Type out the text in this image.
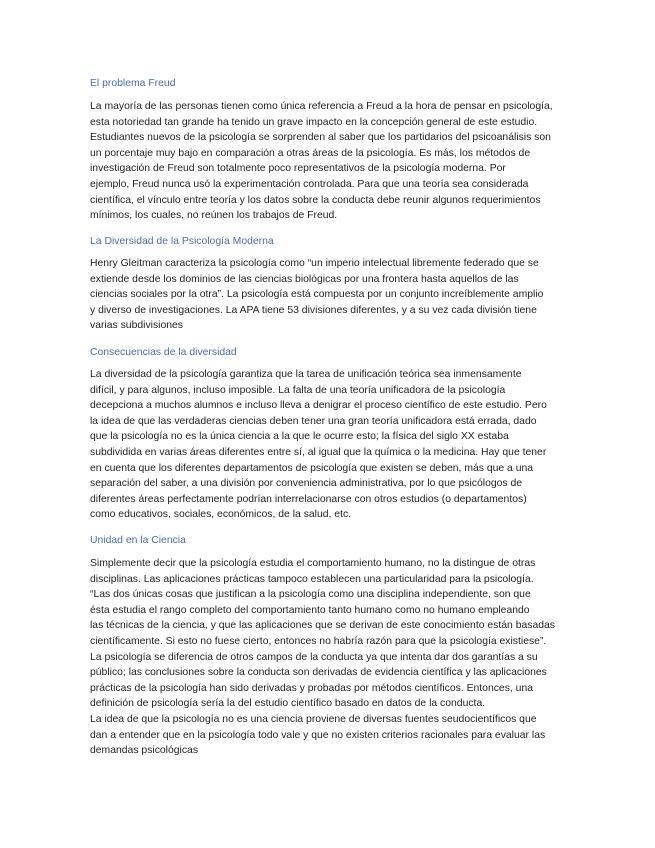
El problema Freud
La mayoría de las personas tienen como única referencia a Freud a la hora de pensar en psicología,
esta notoriedad tan grande ha tenido un grave impacto en la concepción general de este estudio.
Estudiantes nuevos de la psicología se sorprenden al saber que los partidarios del psicoanálisis son
un porcentaje muy bajo en comparación a otras áreas de la psicología. Es más, los métodos de
investigación de Freud son totalmente poco representativos de la psicología moderna. Por
ejemplo, Freud nunca usó la experimentación controlada. Para que una teoría sea considerada
científica, el vínculo entre teoría y los datos sobre la conducta debe reunir algunos requerimientos
mínimos, los cuales, no reúnen los trabajos de Freud.
La Diversidad de la Psicología Moderna
Henry Gleitman caracteriza la psicología como “un imperio intelectual libremente federado que se
extiende desde los dominios de las ciencias biológicas por una frontera hasta aquellos de las
ciencias sociales por la otra”. La psicología está compuesta por un conjunto increíblemente amplio
y diverso de investigaciones. La APA tiene 53 divisiones diferentes, y a su vez cada división tiene
varias subdivisiones
Consecuencias de la diversidad
La diversidad de la psicología garantiza que la tarea de unificación teórica sea inmensamente
difícil, y para algunos, incluso imposible. La falta de una teoría unificadora de la psicología
decepciona a muchos alumnos e incluso lleva a denigrar el proceso científico de este estudio. Pero
la idea de que las verdaderas ciencias deben tener una gran teoría unificadora está errada, dado
que la psicología no es la única ciencia a la que le ocurre esto; la física del siglo XX estaba
subdividida en varias áreas diferentes entre sí, al igual que la química o la medicina. Hay que tener
en cuenta que los diferentes departamentos de psicología que existen se deben, más que a una
separación del saber, a una división por conveniencia administrativa, por lo que psicólogos de
diferentes áreas perfectamente podrían interrelacionarse con otros estudios (o departamentos)
como educativos, sociales, económicos, de la salud, etc.
Unidad en la Ciencia
Simplemente decir que la psicología estudia el comportamiento humano, no la distingue de otras
disciplinas. Las aplicaciones prácticas tampoco establecen una particularidad para la psicología.
“Las dos únicas cosas que justifican a la psicología como una disciplina independiente, son que
ésta estudia el rango completo del comportamiento tanto humano como no humano empleando
las técnicas de la ciencia, y que las aplicaciones que se derivan de este conocimiento están basadas
científicamente. Si esto no fuese cierto, entonces no habría razón para que la psicología existiese”.
La psicología se diferencia de otros campos de la conducta ya que intenta dar dos garantías a su
público; las conclusiones sobre la conducta son derivadas de evidencia científica y las aplicaciones
prácticas de la psicología han sido derivadas y probadas por métodos científicos. Entonces, una
definición de psicología sería la del estudio científico basado en datos de la conducta.
La idea de que la psicología no es una ciencia proviene de diversas fuentes seudocientíficos que
dan a entender que en la psicología todo vale y que no existen criterios racionales para evaluar las
demandas psicológicas
